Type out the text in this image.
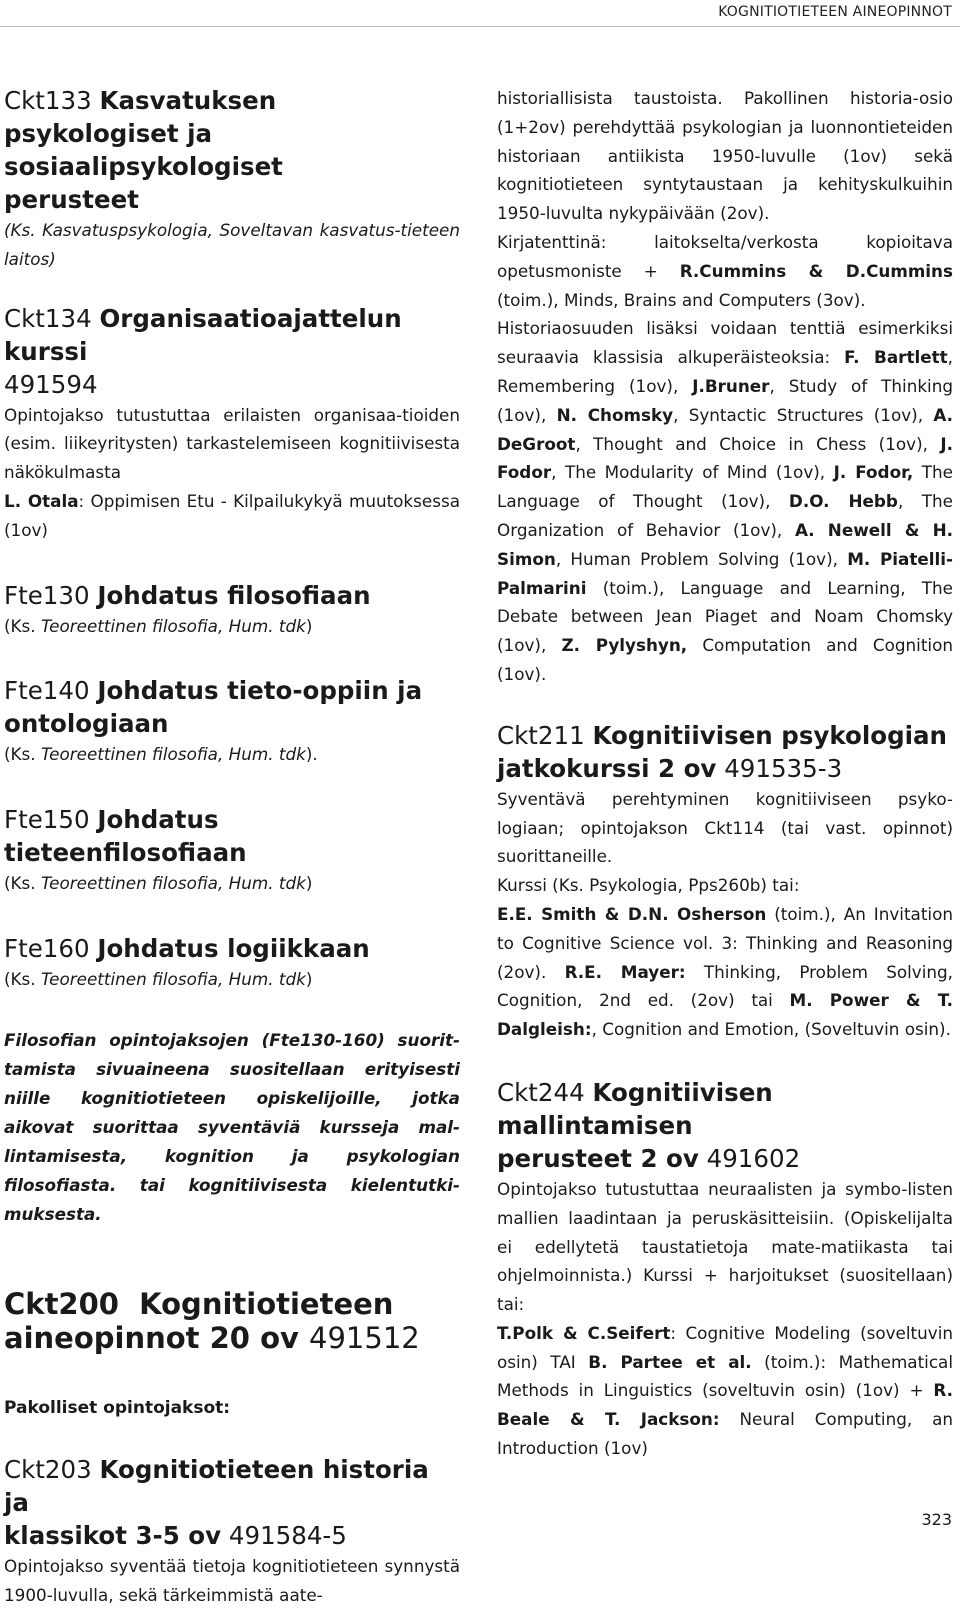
KOGNITIOTIETEEN AINEOPINNOT
Ckt133 Kasvatuksen
psykologiset ja sosiaalipsykologiset
perusteet

(Ks. Kasvatuspsykologia, Soveltavan kasvatus-tieteen laitos)

Ckt134 Organisaatioajattelun kurssi
491594

Opintojakso tutustuttaa erilaisten organisaa-tioiden (esim. liikeyritysten) tarkastelemiseen kognitiivisesta näkökulmasta

L. Otala: Oppimisen Etu - Kilpailukykyä muutoksessa (1ov)

Fte130 Johdatus filosofiaan

(Ks. Teoreettinen filosofia, Hum. tdk)

Fte140 Johdatus tieto-oppiin ja
ontologiaan

(Ks. Teoreettinen filosofia, Hum. tdk).

Fte150 Johdatus tieteenfilosofiaan

(Ks. Teoreettinen filosofia, Hum. tdk)

Fte160 Johdatus logiikkaan

(Ks. Teoreettinen filosofia, Hum. tdk)

Filosofian opintojaksojen (Fte130-160) suorit-tamista sivuaineena suositellaan erityisesti niille kognitiotieteen opiskelijoille, jotka aikovat suorittaa syventäviä kursseja mal-lintamisesta, kognition ja psykologian filosofiasta. tai kognitiivisesta kielentutki-muksesta.

Ckt200 Kognitiotieteen
aineopinnot 20 ov 491512
Pakolliset opintojaksot:
Ckt203 Kognitiotieteen historia ja
klassikot 3-5 ov 491584-5

Opintojakso syventää tietoja kognitiotieteen synnystä 1900-luvulla, sekä tärkeimmistä aate-

historiallisista taustoista. Pakollinen historia-osio (1+2ov) perehdyttää psykologian ja luonnontieteiden historiaan antiikista 1950-luvulle (1ov) sekä kognitiotieteen syntytaustaan ja kehityskulkuihin 1950-luvulta nykypäivään (2ov).

Kirjatenttinä: laitokselta/verkosta kopioitava opetusmoniste + R.Cummins & D.Cummins (toim.), Minds, Brains and Computers (3ov).

Historiaosuuden lisäksi voidaan tenttiä esimerkiksi seuraavia klassisia alkuperäisteoksia: F. Bartlett, Remembering (1ov), J.Bruner, Study of Thinking (1ov), N. Chomsky, Syntactic Structures (1ov), A. DeGroot, Thought and Choice in Chess (1ov), J. Fodor, The Modularity of Mind (1ov), J. Fodor, The Language of Thought (1ov), D.O. Hebb, The Organization of Behavior (1ov), A. Newell & H. Simon, Human Problem Solving (1ov), M. Piatelli-Palmarini (toim.), Language and Learning, The Debate between Jean Piaget and Noam Chomsky (1ov), Z. Pylyshyn, Computation and Cognition (1ov).

Ckt211 Kognitiivisen psykologian
jatkokurssi 2 ov 491535-3

Syventävä perehtyminen kognitiiviseen psyko-logiaan; opintojakson Ckt114 (tai vast. opinnot) suorittaneille.

Kurssi (Ks. Psykologia, Pps260b) tai:

E.E. Smith & D.N. Osherson (toim.), An Invitation to Cognitive Science vol. 3: Thinking and Reasoning (2ov). R.E. Mayer: Thinking, Problem Solving, Cognition, 2nd ed. (2ov) tai M. Power & T. Dalgleish:, Cognition and Emotion, (Soveltuvin osin).

Ckt244 Kognitiivisen mallintamisen
perusteet 2 ov 491602

Opintojakso tutustuttaa neuraalisten ja symbo-listen mallien laadintaan ja peruskäsitteisiin. (Opiskelijalta ei edellytetä taustatietoja mate-matiikasta tai ohjelmoinnista.) Kurssi + harjoitukset (suositellaan) tai:

T.Polk & C.Seifert: Cognitive Modeling (soveltuvin osin) TAI B. Partee et al. (toim.): Mathematical Methods in Linguistics (soveltuvin osin) (1ov) + R. Beale & T. Jackson: Neural Computing, an Introduction (1ov)

323
